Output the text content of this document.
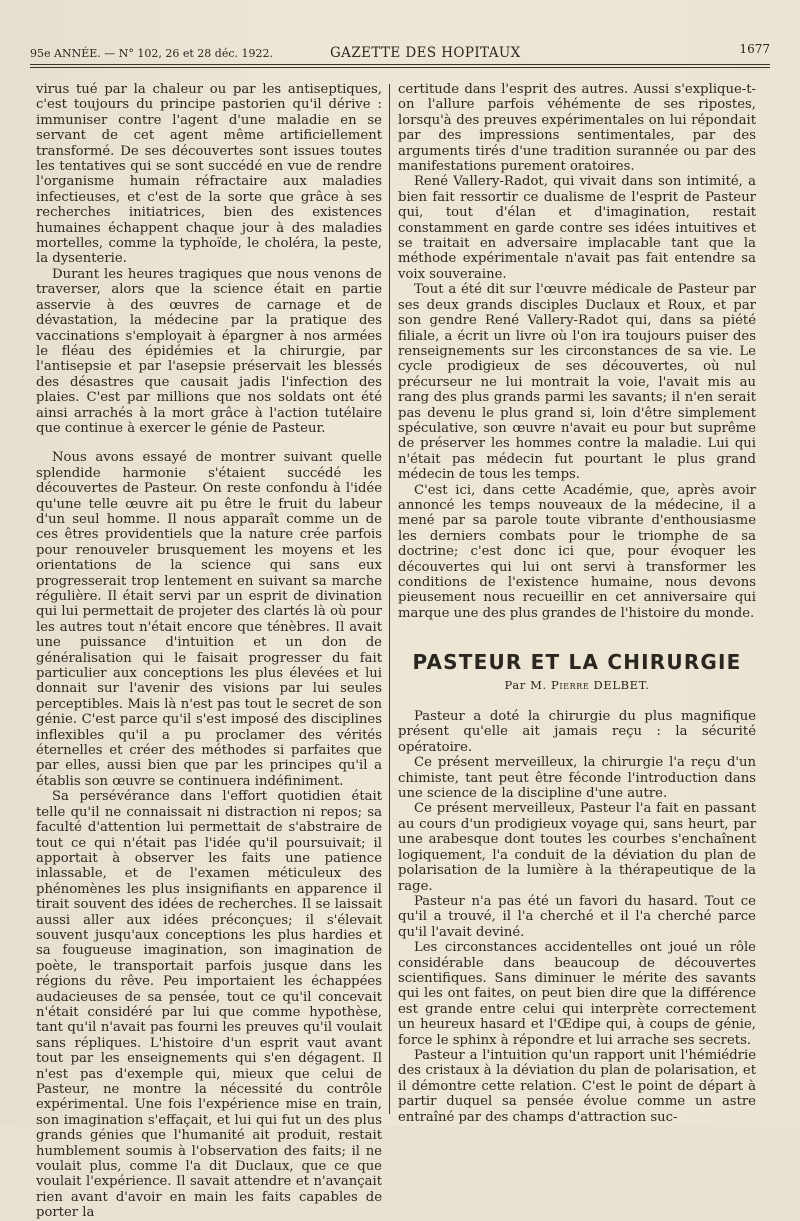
95e ANNÉE. — N° 102, 26 et 28 déc. 1922.	GAZETTE DES HOPITAUX	1677

virus tué par la chaleur ou par les antiseptiques, c'est toujours du principe pastorien qu'il dérive : immuniser contre l'agent d'une maladie en se servant de cet agent même artificiellement transformé. De ses découvertes sont issues toutes les tentatives qui se sont succédé en vue de rendre l'organisme humain réfractaire aux maladies infectieuses, et c'est de la sorte que grâce à ses recherches initiatrices, bien des existences humaines échappent chaque jour à des maladies mortelles, comme la typhoïde, le choléra, la peste, la dysenterie.

Durant les heures tragiques que nous venons de traverser, alors que la science était en partie asservie à des œuvres de carnage et de dévastation, la médecine par la pratique des vaccinations s'employait à épargner à nos armées le fléau des épidémies et la chirurgie, par l'antisepsie et par l'asepsie préservait les blessés des désastres que causait jadis l'infection des plaies. C'est par millions que nos soldats ont été ainsi arrachés à la mort grâce à l'action tutélaire que continue à exercer le génie de Pasteur.

Nous avons essayé de montrer suivant quelle splendide harmonie s'étaient succédé les découvertes de Pasteur. On reste confondu à l'idée qu'une telle œuvre ait pu être le fruit du labeur d'un seul homme. Il nous apparaît comme un de ces êtres providentiels que la nature crée parfois pour renouveler brusquement les moyens et les orientations de la science qui sans eux progresserait trop lentement en suivant sa marche régulière. Il était servi par un esprit de divination qui lui permettait de projeter des clartés là où pour les autres tout n'était encore que ténèbres. Il avait une puissance d'intuition et un don de généralisation qui le faisait progresser du fait particulier aux conceptions les plus élevées et lui donnait sur l'avenir des visions par lui seules perceptibles. Mais là n'est pas tout le secret de son génie. C'est parce qu'il s'est imposé des disciplines inflexibles qu'il a pu proclamer des vérités éternelles et créer des méthodes si parfaites que par elles, aussi bien que par les principes qu'il a établis son œuvre se continuera indéfiniment.

Sa persévérance dans l'effort quotidien était telle qu'il ne connaissait ni distraction ni repos; sa faculté d'attention lui permettait de s'abstraire de tout ce qui n'était pas l'idée qu'il poursuivait; il apportait à observer les faits une patience inlassable, et de l'examen méticuleux des phénomènes les plus insignifiants en apparence il tirait souvent des idées de recherches. Il se laissait aussi aller aux idées préconçues; il s'élevait souvent jusqu'aux conceptions les plus hardies et sa fougueuse imagination, son imagination de poète, le transportait parfois jusque dans les régions du rêve. Peu importaient les échappées audacieuses de sa pensée, tout ce qu'il concevait n'était considéré par lui que comme hypothèse, tant qu'il n'avait pas fourni les preuves qu'il voulait sans répliques. L'histoire d'un esprit vaut avant tout par les enseignements qui s'en dégagent. Il n'est pas d'exemple qui, mieux que celui de Pasteur, ne montre la nécessité du contrôle expérimental. Une fois l'expérience mise en train, son imagination s'effaçait, et lui qui fut un des plus grands génies que l'humanité ait produit, restait humblement soumis à l'observation des faits; il ne voulait plus, comme l'a dit Duclaux, que ce que voulait l'expérience. Il savait attendre et n'avançait rien avant d'avoir en main les faits capables de porter la

certitude dans l'esprit des autres. Aussi s'explique-t-on l'allure parfois véhémente de ses ripostes, lorsqu'à des preuves expérimentales on lui répondait par des impressions sentimentales, par des arguments tirés d'une tradition surannée ou par des manifestations purement oratoires.

René Vallery-Radot, qui vivait dans son intimité, a bien fait ressortir ce dualisme de l'esprit de Pasteur qui, tout d'élan et d'imagination, restait constamment en garde contre ses idées intuitives et se traitait en adversaire implacable tant que la méthode expérimentale n'avait pas fait entendre sa voix souveraine.

Tout a été dit sur l'œuvre médicale de Pasteur par ses deux grands disciples Duclaux et Roux, et par son gendre René Vallery-Radot qui, dans sa piété filiale, a écrit un livre où l'on ira toujours puiser des renseignements sur les circonstances de sa vie. Le cycle prodigieux de ses découvertes, où nul précurseur ne lui montrait la voie, l'avait mis au rang des plus grands parmi les savants; il n'en serait pas devenu le plus grand si, loin d'être simplement spéculative, son œuvre n'avait eu pour but suprême de préserver les hommes contre la maladie. Lui qui n'était pas médecin fut pourtant le plus grand médecin de tous les temps.

C'est ici, dans cette Académie, que, après avoir annoncé les temps nouveaux de la médecine, il a mené par sa parole toute vibrante d'enthousiasme les derniers combats pour le triomphe de sa doctrine; c'est donc ici que, pour évoquer les découvertes qui lui ont servi à transformer les conditions de l'existence humaine, nous devons pieusement nous recueillir en cet anniversaire qui marque une des plus grandes de l'histoire du monde.

PASTEUR ET LA CHIRURGIE
Par M. Pierre DELBET.

Pasteur a doté la chirurgie du plus magnifique présent qu'elle ait jamais reçu : la sécurité opératoire.

Ce présent merveilleux, la chirurgie l'a reçu d'un chimiste, tant peut être féconde l'introduction dans une science de la discipline d'une autre.

Ce présent merveilleux, Pasteur l'a fait en passant au cours d'un prodigieux voyage qui, sans heurt, par une arabesque dont toutes les courbes s'enchaînent logiquement, l'a conduit de la déviation du plan de polarisation de la lumière à la thérapeutique de la rage.

Pasteur n'a pas été un favori du hasard. Tout ce qu'il a trouvé, il l'a cherché et il l'a cherché parce qu'il l'avait deviné.

Les circonstances accidentelles ont joué un rôle considérable dans beaucoup de découvertes scientifiques. Sans diminuer le mérite des savants qui les ont faites, on peut bien dire que la différence est grande entre celui qui interprète correctement un heureux hasard et l'Œdipe qui, à coups de génie, force le sphinx à répondre et lui arrache ses secrets.

Pasteur a l'intuition qu'un rapport unit l'hémiédrie des cristaux à la déviation du plan de polarisation, et il démontre cette relation. C'est le point de départ à partir duquel sa pensée évolue comme un astre entraîné par des champs d'attraction suc-
